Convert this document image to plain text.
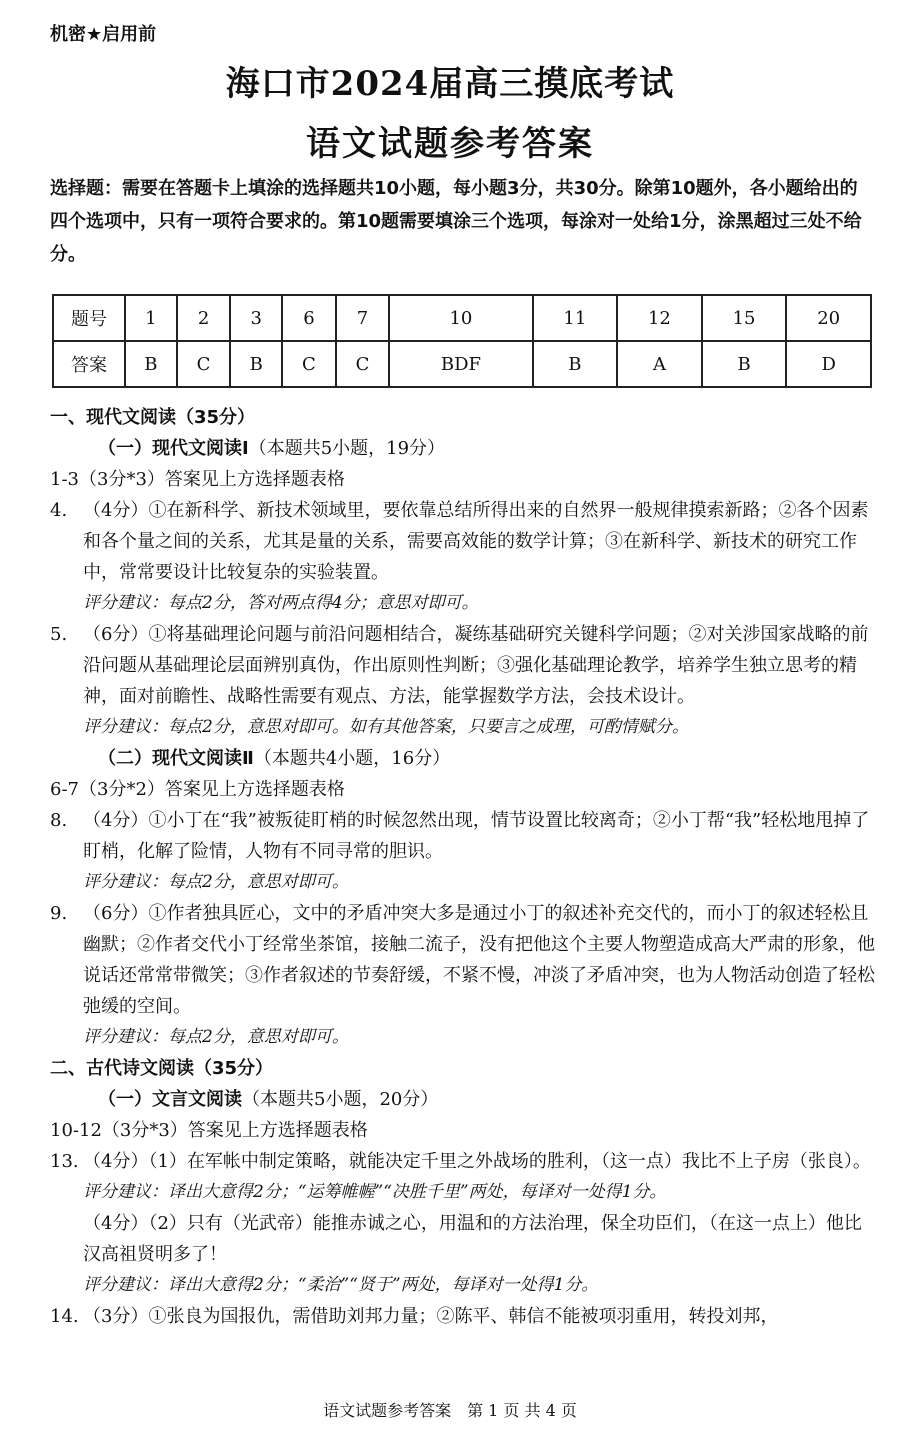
机密★启用前
海口市2024届高三摸底考试
语文试题参考答案
选择题：需要在答题卡上填涂的选择题共10小题，每小题3分，共30分。除第10题外，各小题给出的四个选项中，只有一项符合要求的。第10题需要填涂三个选项，每涂对一处给1分，涂黑超过三处不给分。
题号	1	2	3	6	7	10	11	12	15	20
答案	B	C	B	C	C	BDF	B	A	B	D
一、现代文阅读（35分）
（一）现代文阅读Ⅰ（本题共5小题，19分）
1-3（3分*3）答案见上方选择题表格
4. （4分）①在新科学、新技术领域里，要依靠总结所得出来的自然界一般规律摸索新路；②各个因素和各个量之间的关系，尤其是量的关系，需要高效能的数学计算；③在新科学、新技术的研究工作中，常常要设计比较复杂的实验装置。
评分建议：每点2分，答对两点得4分；意思对即可。
5. （6分）①将基础理论问题与前沿问题相结合，凝练基础研究关键科学问题；②对关涉国家战略的前沿问题从基础理论层面辨别真伪，作出原则性判断；③强化基础理论教学，培养学生独立思考的精神，面对前瞻性、战略性需要有观点、方法，能掌握数学方法，会技术设计。
评分建议：每点2分，意思对即可。如有其他答案，只要言之成理，可酌情赋分。
（二）现代文阅读Ⅱ（本题共4小题，16分）
6-7（3分*2）答案见上方选择题表格
8. （4分）①小丁在“我”被叛徒盯梢的时候忽然出现，情节设置比较离奇；②小丁帮“我”轻松地甩掉了盯梢，化解了险情，人物有不同寻常的胆识。
评分建议：每点2分，意思对即可。
9. （6分）①作者独具匠心，文中的矛盾冲突大多是通过小丁的叙述补充交代的，而小丁的叙述轻松且幽默；②作者交代小丁经常坐茶馆，接触二流子，没有把他这个主要人物塑造成高大严肃的形象，他说话还常常带微笑；③作者叙述的节奏舒缓，不紧不慢，冲淡了矛盾冲突，也为人物活动创造了轻松弛缓的空间。
评分建议：每点2分，意思对即可。
二、古代诗文阅读（35分）
（一）文言文阅读（本题共5小题，20分）
10-12（3分*3）答案见上方选择题表格
13. （4分）（1）在军帐中制定策略，就能决定千里之外战场的胜利，（这一点）我比不上子房（张良）。
评分建议：译出大意得2分；“运筹帷幄”“决胜千里”两处，每译对一处得1分。
（4分）（2）只有（光武帝）能推赤诚之心，用温和的方法治理，保全功臣们，（在这一点上）他比汉高祖贤明多了！
评分建议：译出大意得2分；“柔治”“贤于”两处，每译对一处得1分。
14. （3分）①张良为国报仇，需借助刘邦力量；②陈平、韩信不能被项羽重用，转投刘邦，
语文试题参考答案　第 1 页 共 4 页
